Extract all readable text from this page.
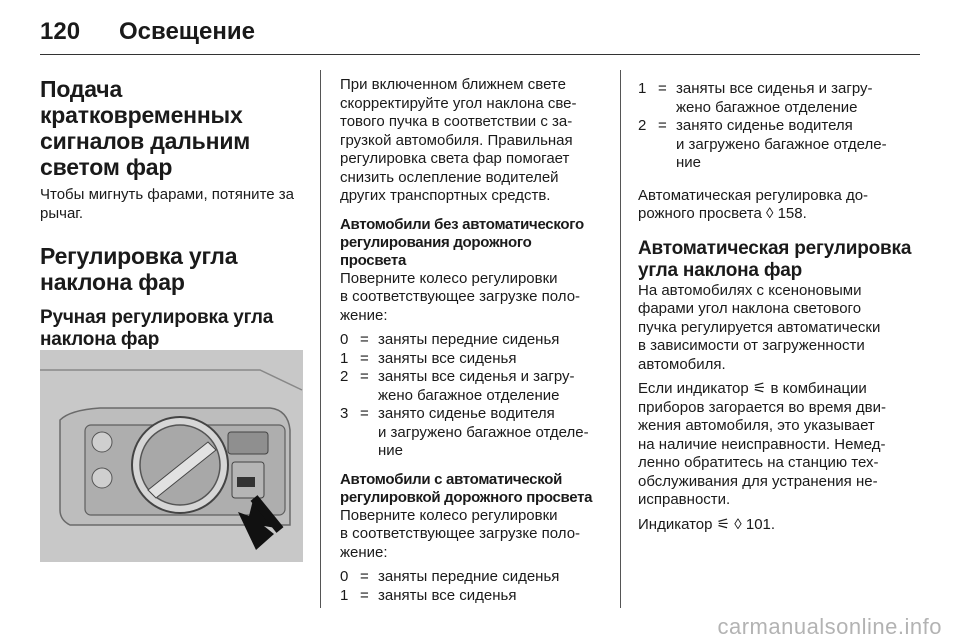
120 Освещение
Подача кратковременных сигналов дальним светом фар

Чтобы мигнуть фарами, потяните за рычаг.

Регулировка угла наклона фар
Ручная регулировка угла наклона фар

При включенном ближнем свете

скорректируйте угол наклона све-

тового пучка в соответствии с за-

грузкой автомобиля. Правильная

регулировка света фар помогает

снизить ослепление водителей

других транспортных средств.

Автомобили без автоматического
регулирования дорожного
просвета

Поверните колесо регулировки

в соответствующее загрузке поло-

жение:

0 = заняты передние сиденья
1 = заняты все сиденья
2 = заняты все сиденья и загру-
жено багажное отделение
3 = занято сиденье водителя
и загружено багажное отделе-
ние
Автомобили с автоматической
регулировкой дорожного просвета

Поверните колесо регулировки

в соответствующее загрузке поло-

жение:

0 = заняты передние сиденья
1 = заняты все сиденья
1 = заняты все сиденья и загру-
жено багажное отделение
2 = занято сиденье водителя
и загружено багажное отделе-
ние

Автоматическая регулировка до-

рожного просвета ◊ 158.

Автоматическая регулировка
угла наклона фар

На автомобилях с ксеноновыми

фарами угол наклона светового

пучка регулируется автоматически

в зависимости от загруженности

автомобиля.

Если индикатор ⚟ в комбинации

приборов загорается во время дви-

жения автомобиля, это указывает

на наличие неисправности. Немед-

ленно обратитесь на станцию тех-

обслуживания для устранения не-

исправности.

Индикатор ⚟ ◊ 101.

carmanualsonline.info
